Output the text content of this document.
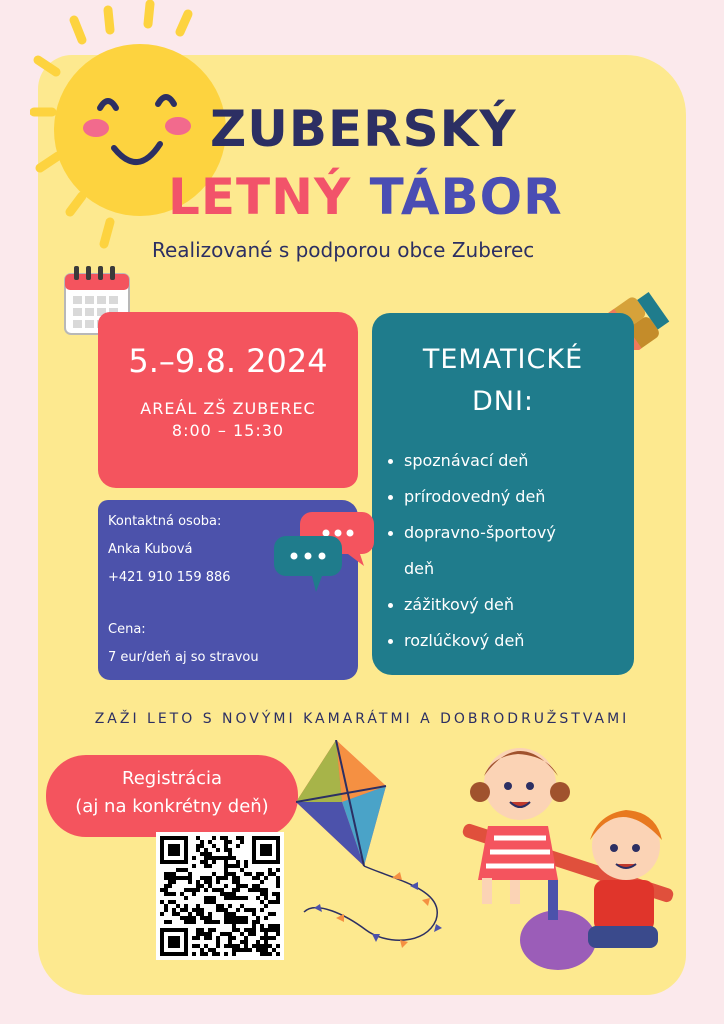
ZUBERSKÝ
LETNÝ TÁBOR
Realizované s podporou obce Zuberec
5.–9.8. 2024
AREÁL ZŠ ZUBEREC
8:00 – 15:30
TEMATICKÉ
DNI:
spoznávací deň
prírodovedný deň
dopravno-športový
deň
zážitkový deň
rozlúčkový deň
Kontaktná osoba:
Anka Kubová
+421 910 159 886
Cena:
7 eur/deň aj so stravou
ZAŽI LETO S NOVÝMI KAMARÁTMI A DOBRODRUŽSTVAMI
Registrácia
(aj na konkrétny deň)
